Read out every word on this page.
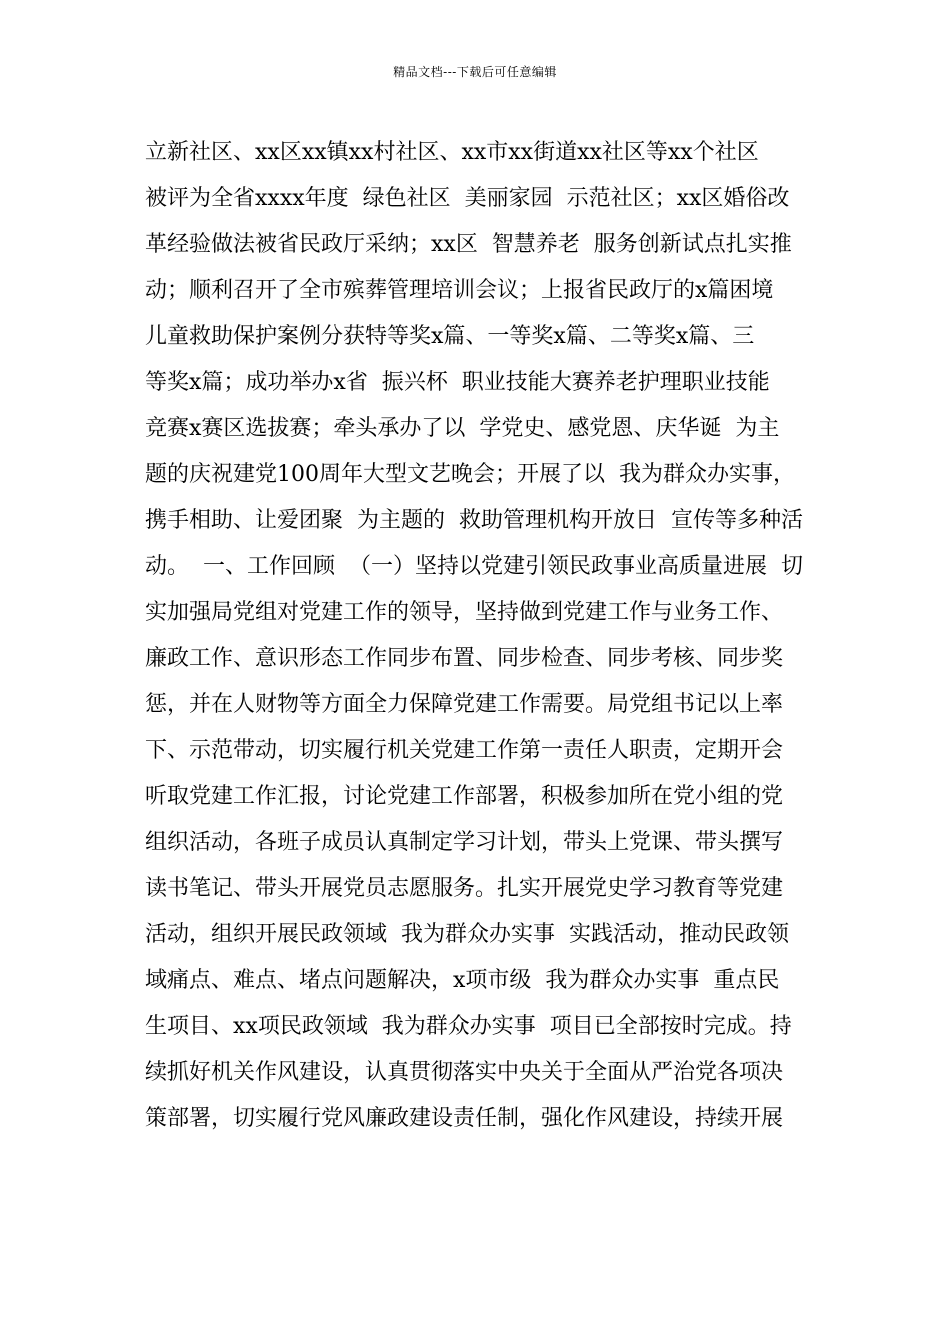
精品文档---下载后可任意编辑
立新社区、xx区xx镇xx村社区、xx市xx街道xx社区等xx个社区
被评为全省xxxx年度  绿色社区  美丽家园  示范社区；xx区婚俗改
革经验做法被省民政厅采纳；xx区  智慧养老  服务创新试点扎实推
动；顺利召开了全市殡葬管理培训会议；上报省民政厅的x篇困境
儿童救助保护案例分获特等奖x篇、一等奖x篇、二等奖x篇、三
等奖x篇；成功举办x省  振兴杯  职业技能大赛养老护理职业技能
竞赛x赛区选拔赛；牵头承办了以  学党史、感党恩、庆华诞  为主
题的庆祝建党100周年大型文艺晚会；开展了以  我为群众办实事，
携手相助、让爱团聚  为主题的  救助管理机构开放日  宣传等多种活
动。  一、工作回顾  （一）坚持以党建引领民政事业高质量进展  切
实加强局党组对党建工作的领导，坚持做到党建工作与业务工作、
廉政工作、意识形态工作同步布置、同步检查、同步考核、同步奖
惩，并在人财物等方面全力保障党建工作需要。局党组书记以上率
下、示范带动，切实履行机关党建工作第一责任人职责，定期开会
听取党建工作汇报，讨论党建工作部署，积极参加所在党小组的党
组织活动，各班子成员认真制定学习计划，带头上党课、带头撰写
读书笔记、带头开展党员志愿服务。扎实开展党史学习教育等党建
活动，组织开展民政领域  我为群众办实事  实践活动，推动民政领
域痛点、难点、堵点问题解决，x项市级  我为群众办实事  重点民
生项目、xx项民政领域  我为群众办实事  项目已全部按时完成。持
续抓好机关作风建设，认真贯彻落实中央关于全面从严治党各项决
策部署，切实履行党风廉政建设责任制，强化作风建设，持续开展
